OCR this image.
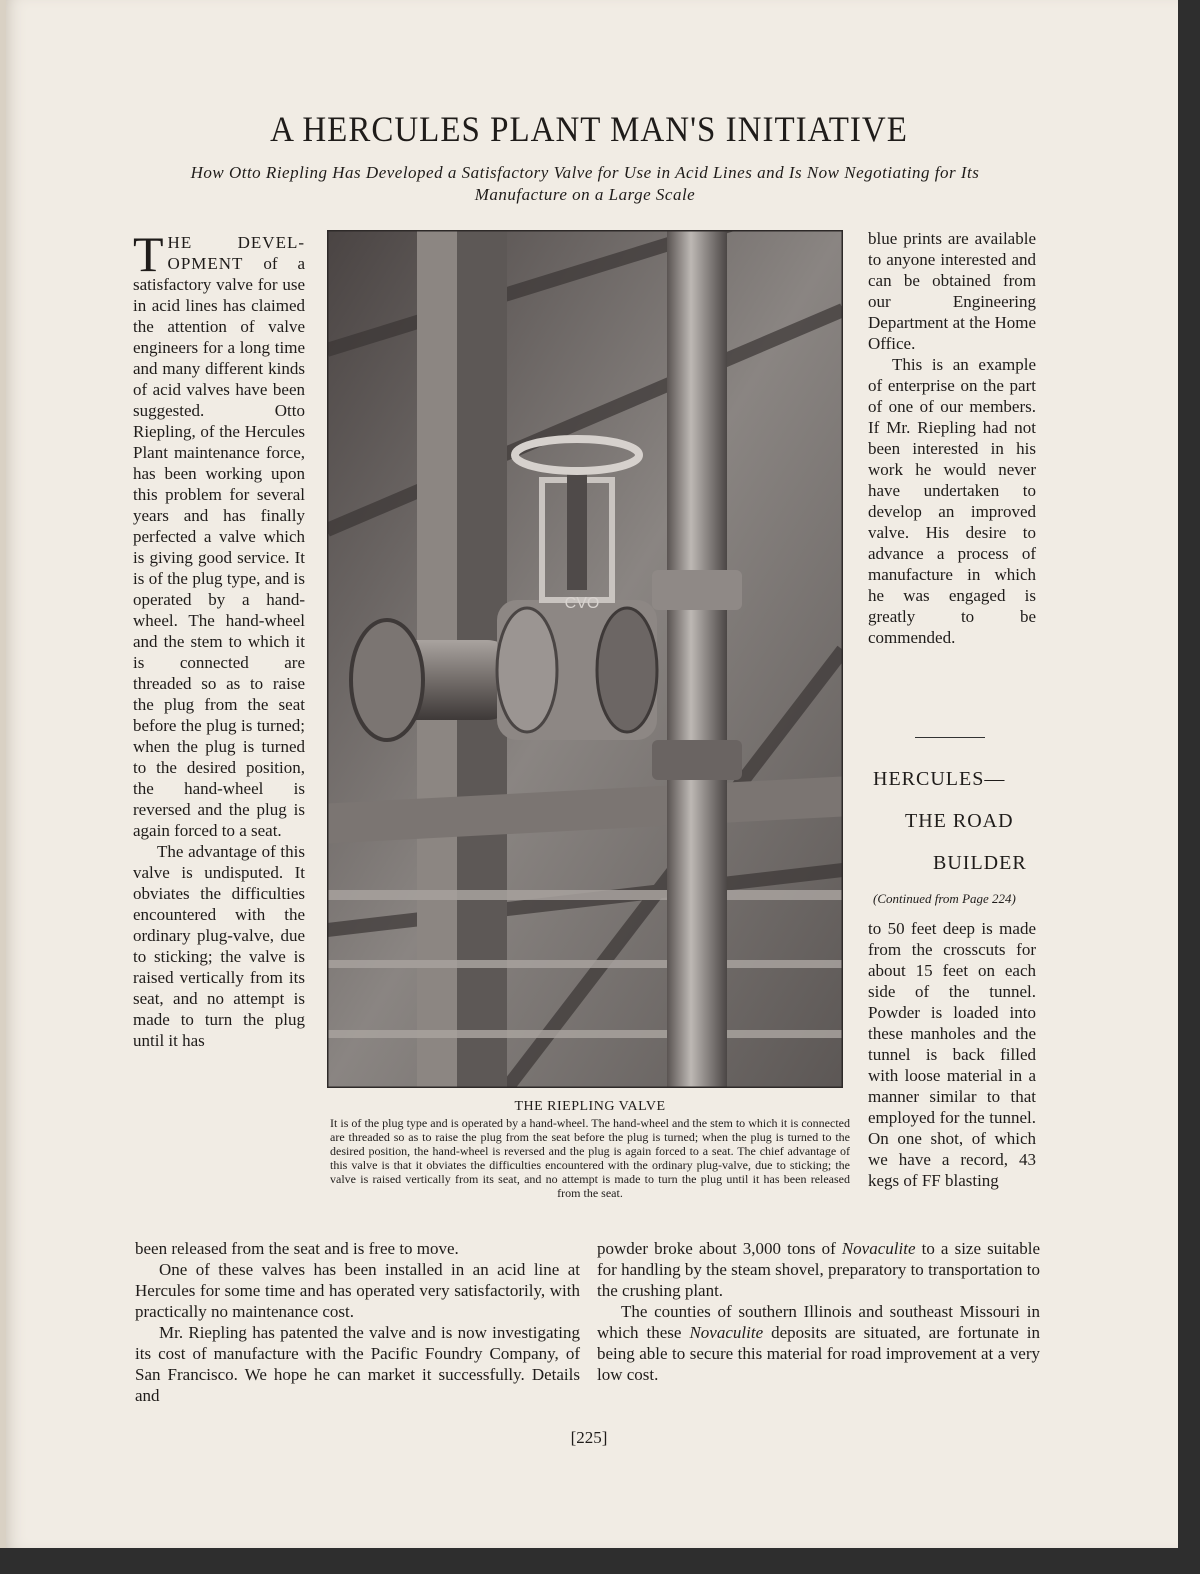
A HERCULES PLANT MAN'S INITIATIVE
How Otto Riepling Has Developed a Satisfactory Valve for Use in Acid Lines and Is Now Negotiating for Its Manufacture on a Large Scale

THE DEVEL-OPMENT of a satisfactory valve for use in acid lines has claimed the attention of valve engineers for a long time and many different kinds of acid valves have been suggested. Otto Riepling, of the Hercules Plant maintenance force, has been working upon this problem for several years and has finally perfected a valve which is giving good service. It is of the plug type, and is operated by a hand-wheel. The hand-wheel and the stem to which it is connected are threaded so as to raise the plug from the seat before the plug is turned; when the plug is turned to the desired position, the hand-wheel is reversed and the plug is again forced to a seat.

The advantage of this valve is undisputed. It obviates the difficulties encountered with the ordinary plug-valve, due to sticking; the valve is raised vertically from its seat, and no attempt is made to turn the plug until it has

CVO
THE RIEPLING VALVE
It is of the plug type and is operated by a hand-wheel. The hand-wheel and the stem to which it is connected are threaded so as to raise the plug from the seat before the plug is turned; when the plug is turned to the desired position, the hand-wheel is reversed and the plug is again forced to a seat. The chief advantage of this valve is that it obviates the difficulties encountered with the ordinary plug-valve, due to sticking; the valve is raised vertically from its seat, and no attempt is made to turn the plug until it has been released from the seat.

blue prints are available to anyone interested and can be obtained from our Engineering Department at the Home Office.

This is an example of enterprise on the part of one of our members. If Mr. Riepling had not been interested in his work he would never have undertaken to develop an improved valve. His desire to advance a process of manufacture in which he was engaged is greatly to be commended.

HERCULES—
THE ROAD
BUILDER
(Continued from Page 224)

to 50 feet deep is made from the crosscuts for about 15 feet on each side of the tunnel. Powder is loaded into these manholes and the tunnel is back filled with loose material in a manner similar to that employed for the tunnel. On one shot, of which we have a record, 43 kegs of FF blasting

been released from the seat and is free to move.

One of these valves has been installed in an acid line at Hercules for some time and has operated very satisfactorily, with practically no maintenance cost.

Mr. Riepling has patented the valve and is now investigating its cost of manufacture with the Pacific Foundry Company, of San Francisco. We hope he can market it successfully. Details and

powder broke about 3,000 tons of Novaculite to a size suitable for handling by the steam shovel, preparatory to transportation to the crushing plant.

The counties of southern Illinois and southeast Missouri in which these Novaculite deposits are situated, are fortunate in being able to secure this material for road improvement at a very low cost.

[225]
